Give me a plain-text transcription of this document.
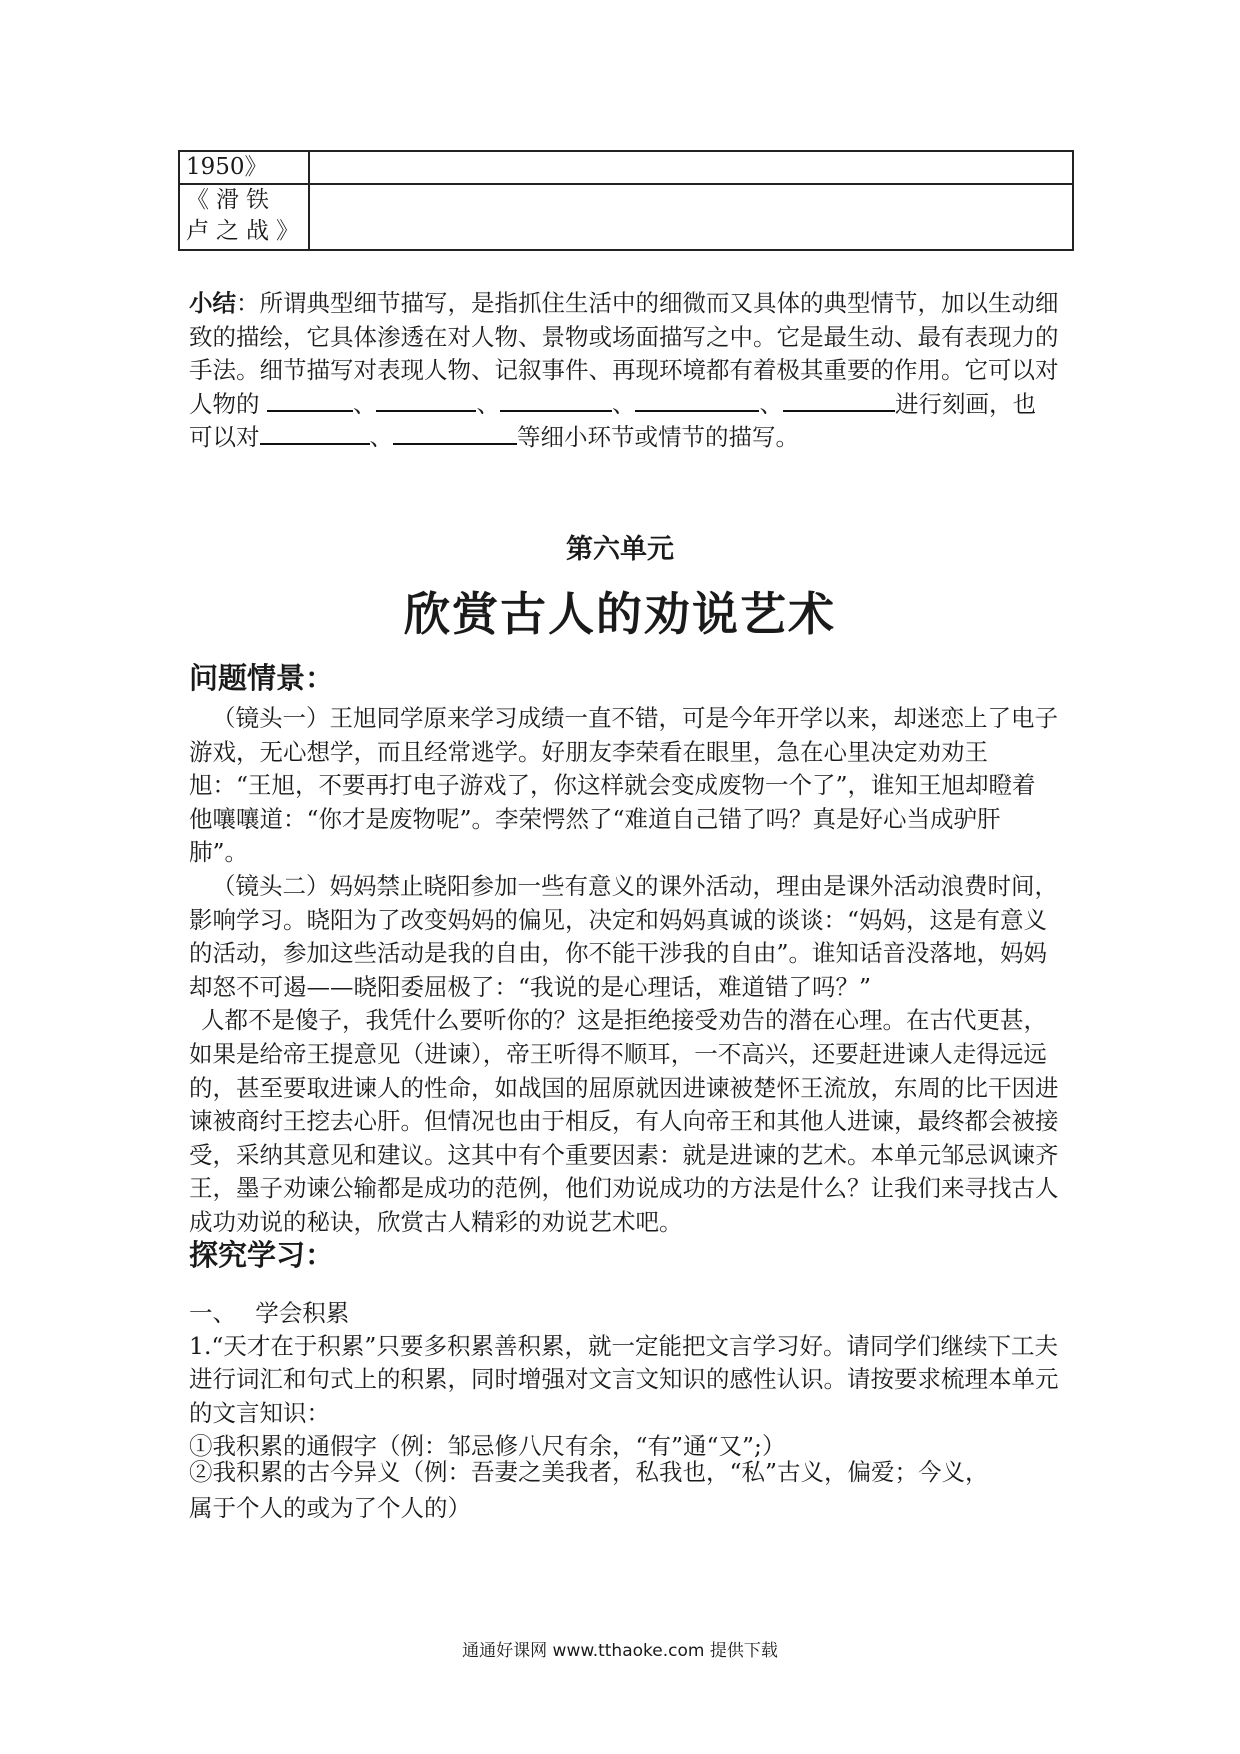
1950》	
《滑铁卢之战》	
小结：所谓典型细节描写，是指抓住生活中的细微而又具体的典型情节，加以生动细致的描绘，它具体渗透在对人物、景物或场面描写之中。它是最生动、最有表现力的手法。细节描写对表现人物、记叙事件、再现环境都有着极其重要的作用。它可以对人物的	、	、	、	、	进行刻画，也可以对	、	等细小环节或情节的描写。
第六单元
欣赏古人的劝说艺术
问题情景：

（镜头一）王旭同学原来学习成绩一直不错，可是今年开学以来，却迷恋上了电子游戏，无心想学，而且经常逃学。好朋友李荣看在眼里，急在心里决定劝劝王旭：“王旭，不要再打电子游戏了，你这样就会变成废物一个了”，谁知王旭却瞪着他嚷嚷道：“你才是废物呢”。李荣愕然了“难道自己错了吗？真是好心当成驴肝肺”。

（镜头二）妈妈禁止晓阳参加一些有意义的课外活动，理由是课外活动浪费时间，影响学习。晓阳为了改变妈妈的偏见，决定和妈妈真诚的谈谈：“妈妈，这是有意义的活动，参加这些活动是我的自由，你不能干涉我的自由”。谁知话音没落地，妈妈却怒不可遏——晓阳委屈极了：“我说的是心理话，难道错了吗？”

人都不是傻子，我凭什么要听你的？这是拒绝接受劝告的潜在心理。在古代更甚，如果是给帝王提意见（进谏），帝王听得不顺耳，一不高兴，还要赶进谏人走得远远的，甚至要取进谏人的性命，如战国的屈原就因进谏被楚怀王流放，东周的比干因进谏被商纣王挖去心肝。但情况也由于相反，有人向帝王和其他人进谏，最终都会被接受，采纳其意见和建议。这其中有个重要因素：就是进谏的艺术。本单元邹忌讽谏齐王，墨子劝谏公输都是成功的范例，他们劝说成功的方法是什么？让我们来寻找古人成功劝说的秘诀，欣赏古人精彩的劝说艺术吧。

探究学习：

一、　 学会积累

1.“天才在于积累”只要多积累善积累，就一定能把文言学习好。请同学们继续下工夫进行词汇和句式上的积累，同时增强对文言文知识的感性认识。请按要求梳理本单元的文言知识：

①我积累的通假字（例：邹忌修八尺有余，“有”通“又”;）

②我积累的古今异义（例：吾妻之美我者，私我也，“私”古义，偏爱；今义，

属于个人的或为了个人的）

通通好课网 www.tthaoke.com 提供下载
